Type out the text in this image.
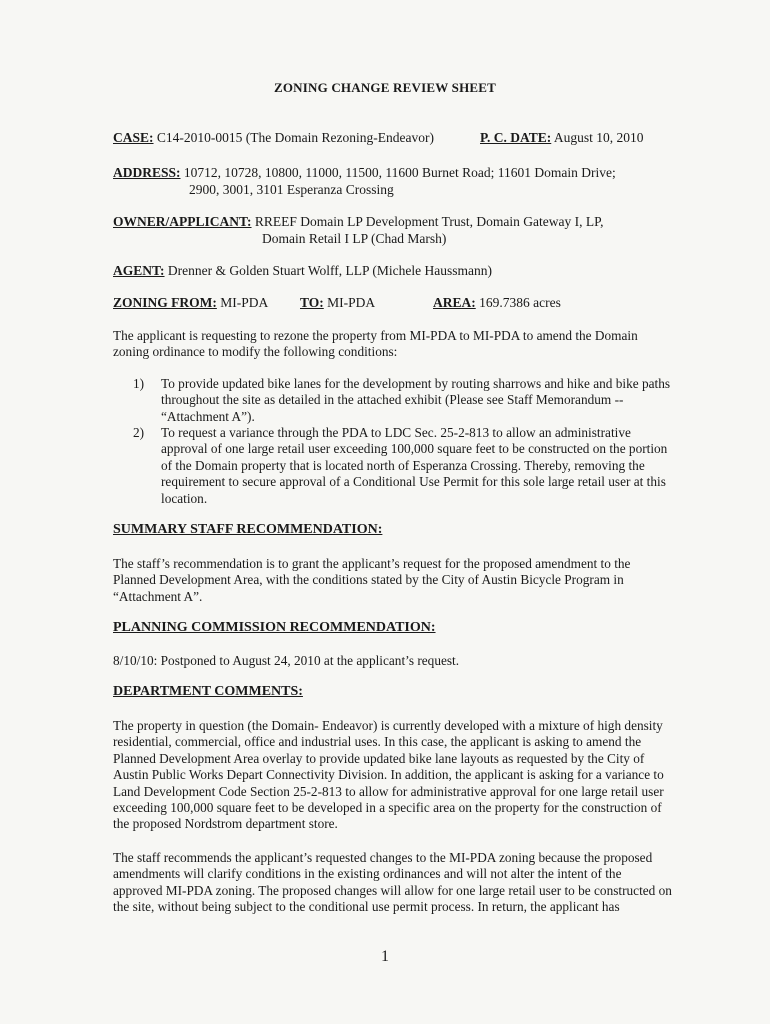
ZONING CHANGE REVIEW SHEET
CASE: C14-2010-0015 (The Domain Rezoning-Endeavor)	P. C. DATE: August 10, 2010
ADDRESS: 10712, 10728, 10800, 11000, 11500, 11600 Burnet Road; 11601 Domain Drive;
2900, 3001, 3101 Esperanza Crossing
OWNER/APPLICANT: RREEF Domain LP Development Trust, Domain Gateway I, LP,
Domain Retail I LP (Chad Marsh)
AGENT: Drenner & Golden Stuart Wolff, LLP (Michele Haussmann)
ZONING FROM: MI-PDA TO: MI-PDA	AREA: 169.7386 acres
The applicant is requesting to rezone the property from MI-PDA to MI-PDA to amend the Domain zoning ordinance to modify the following conditions:
1) To provide updated bike lanes for the development by routing sharrows and hike and bike paths throughout the site as detailed in the attached exhibit (Please see Staff Memorandum -- “Attachment A”).
2) To request a variance through the PDA to LDC Sec. 25-2-813 to allow an administrative approval of one large retail user exceeding 100,000 square feet to be constructed on the portion of the Domain property that is located north of Esperanza Crossing. Thereby, removing the requirement to secure approval of a Conditional Use Permit for this sole large retail user at this location.
SUMMARY STAFF RECOMMENDATION:
The staff’s recommendation is to grant the applicant’s request for the proposed amendment to the Planned Development Area, with the conditions stated by the City of Austin Bicycle Program in “Attachment A”.
PLANNING COMMISSION RECOMMENDATION:
8/10/10: Postponed to August 24, 2010 at the applicant’s request.
DEPARTMENT COMMENTS:
The property in question (the Domain- Endeavor) is currently developed with a mixture of high density residential, commercial, office and industrial uses. In this case, the applicant is asking to amend the Planned Development Area overlay to provide updated bike lane layouts as requested by the City of Austin Public Works Depart Connectivity Division. In addition, the applicant is asking for a variance to Land Development Code Section 25-2-813 to allow for administrative approval for one large retail user exceeding 100,000 square feet to be developed in a specific area on the property for the construction of the proposed Nordstrom department store.
The staff recommends the applicant’s requested changes to the MI-PDA zoning because the proposed amendments will clarify conditions in the existing ordinances and will not alter the intent of the approved MI-PDA zoning. The proposed changes will allow for one large retail user to be constructed on the site, without being subject to the conditional use permit process. In return, the applicant has
1
